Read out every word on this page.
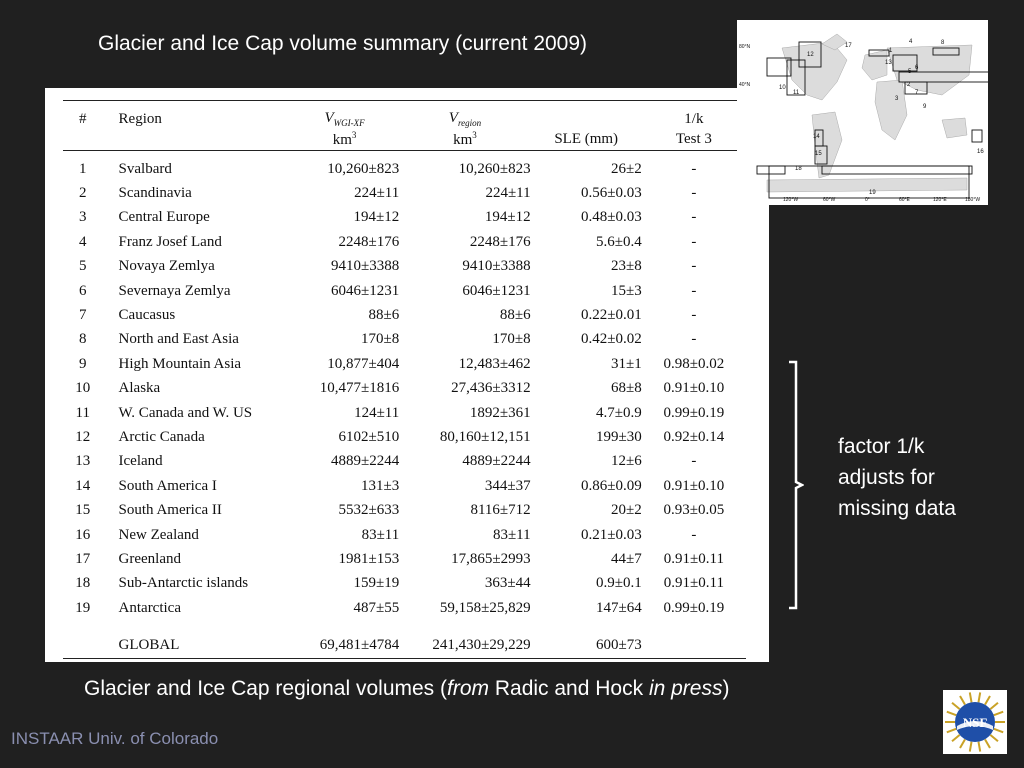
Glacier and Ice Cap volume summary (current 2009)
#	Region	$V_{WGI-XF}$	$V_{region}$		1/k
		$km^3$	$km^3$	SLE (mm)	Test 3
1	Svalbard	10,260±823	10,260±823	26±2	-
2	Scandinavia	224±11	224±11	0.56±0.03	-
3	Central Europe	194±12	194±12	0.48±0.03	-
4	Franz Josef Land	2248±176	2248±176	5.6±0.4	-
5	Novaya Zemlya	9410±3388	9410±3388	23±8	-
6	Severnaya Zemlya	6046±1231	6046±1231	15±3	-
7	Caucasus	88±6	88±6	0.22±0.01	-
8	North and East Asia	170±8	170±8	0.42±0.02	-
9	High Mountain Asia	10,877±404	12,483±462	31±1	0.98±0.02
10	Alaska	10,477±1816	27,436±3312	68±8	0.91±0.10
11	W. Canada and W. US	124±11	1892±361	4.7±0.9	0.99±0.19
12	Arctic Canada	6102±510	80,160±12,151	199±30	0.92±0.14
13	Iceland	4889±2244	4889±2244	12±6	-
14	South America I	131±3	344±37	0.86±0.09	0.91±0.10
15	South America II	5532±633	8116±712	20±2	0.93±0.05
16	New Zealand	83±11	83±11	0.21±0.03	-
17	Greenland	1981±153	17,865±2993	44±7	0.91±0.11
18	Sub-Antarctic islands	159±19	363±44	0.9±0.1	0.91±0.11
19	Antarctica	487±55	59,158±25,829	147±64	0.99±0.19
	GLOBAL	69,481±4784	241,430±29,229	600±73	
1
2
3
4
5
6
7
8
9
10
11
12
13
14
15	16
17
18
19
80°N
40°N
120°W	60°W	0°	60°E	120°E	180°W
factor 1/k adjusts for missing data
Glacier and Ice Cap regional volumes (from Radic and Hock in press)
INSTAAR Univ. of Colorado
NSF
